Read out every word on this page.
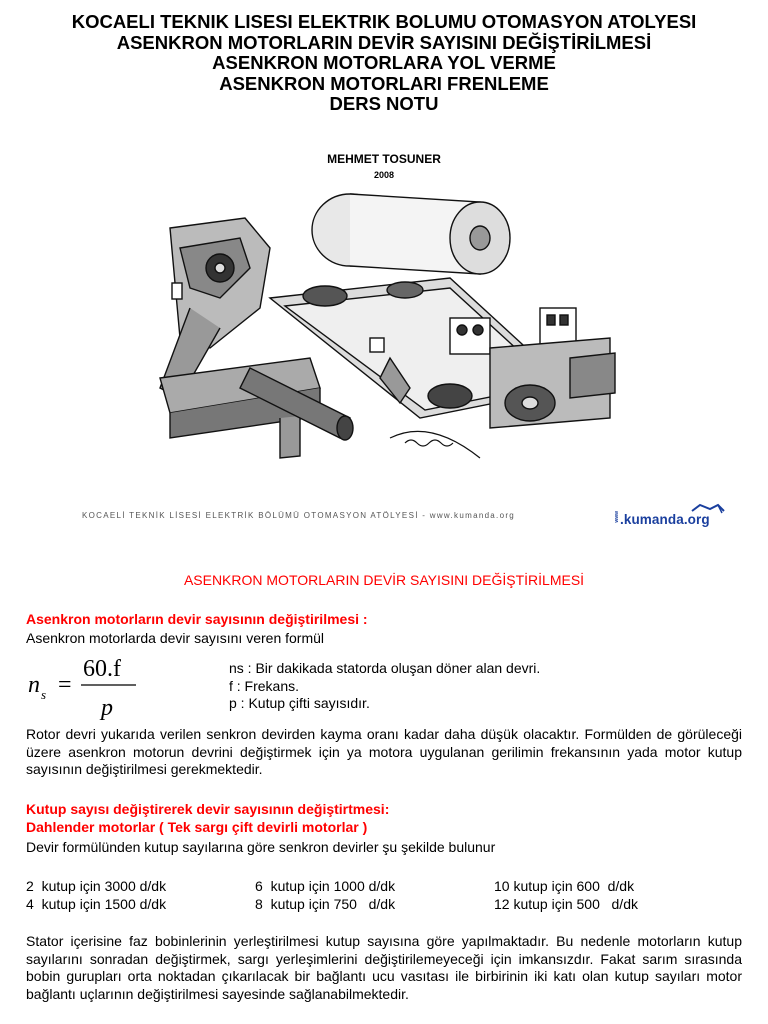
KOCAELI TEKNIK LISESI ELEKTRIK BOLUMU OTOMASYON ATOLYESI

ASENKRON MOTORLARIN DEVİR SAYISINI DEĞİŞTİRİLMESİ

ASENKRON MOTORLARA YOL VERME

ASENKRON MOTORLARI FRENLEME

DERS NOTU

MEHMET TOSUNER
2008
KOCAELİ TEKNİK LİSESİ ELEKTRİK BÖLÜMÜ OTOMASYON ATÖLYESİ - www.kumanda.org	www .kumanda.org
ASENKRON MOTORLARIN DEVİR SAYISINI DEĞİŞTİRİLMESİ
Asenkron motorların devir sayısının değiştirilmesi :
Asenkron motorlarda devir sayısını veren formül
n s =
60.f
p
ns : Bir dakikada statorda oluşan döner alan devri.
f : Frekans.
p : Kutup çifti sayısıdır.
Rotor devri yukarıda verilen senkron devirden kayma oranı kadar daha düşük olacaktır. Formülden de görüleceği üzere asenkron motorun devrini değiştirmek için ya motora uygulanan gerilimin frekansının yada motor kutup sayısının değiştirilmesi gerekmektedir.
Kutup sayısı değiştirerek devir sayısının değiştirtmesi:
Dahlender motorlar ( Tek sargı çift devirli motorlar )
Devir formülünden kutup sayılarına göre senkron devirler şu şekilde bulunur
2  kutup için 3000 d/dk	6  kutup için 1000 d/dk	10 kutup için 600  d/dk
4  kutup için 1500 d/dk	8  kutup için 750   d/dk	12 kutup için 500   d/dk
Stator içerisine faz bobinlerinin yerleştirilmesi kutup sayısına göre yapılmaktadır. Bu nedenle motorların kutup sayılarını sonradan değiştirmek, sargı yerleşimlerini değiştirilemeyeceği için imkansızdır. Fakat sarım sırasında bobin gurupları orta noktadan çıkarılacak bir bağlantı ucu vasıtası ile birbirinin iki katı olan kutup sayıları motor bağlantı uçlarının değiştirilmesi sayesinde sağlanabilmektedir.
